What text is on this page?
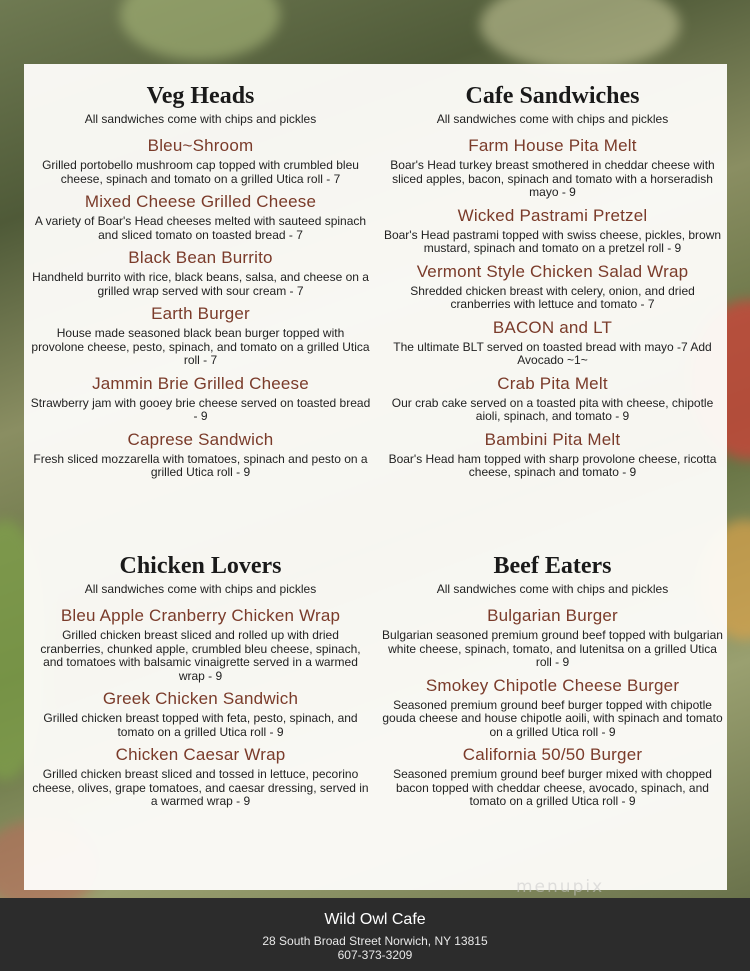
Veg Heads

All sandwiches come with chips and pickles

Bleu~Shroom

Grilled portobello mushroom cap topped with crumbled bleu cheese, spinach and tomato on a grilled Utica roll - 7

Mixed Cheese Grilled Cheese

A variety of Boar's Head cheeses melted with sauteed spinach and sliced tomato on toasted bread - 7

Black Bean Burrito

Handheld burrito with rice, black beans, salsa, and cheese on a grilled wrap served with sour cream - 7

Earth Burger

House made seasoned black bean burger topped with provolone cheese, pesto, spinach, and tomato on a grilled Utica roll - 7

Jammin Brie Grilled Cheese

Strawberry jam with gooey brie cheese served on toasted bread - 9

Caprese Sandwich

Fresh sliced mozzarella with tomatoes, spinach and pesto on a grilled Utica roll - 9

Chicken Lovers

All sandwiches come with chips and pickles

Bleu Apple Cranberry Chicken Wrap

Grilled chicken breast sliced and rolled up with dried cranberries, chunked apple, crumbled bleu cheese, spinach, and tomatoes with balsamic vinaigrette served in a warmed wrap - 9

Greek Chicken Sandwich

Grilled chicken breast topped with feta, pesto, spinach, and tomato on a grilled Utica roll - 9

Chicken Caesar Wrap

Grilled chicken breast sliced and tossed in lettuce, pecorino cheese, olives, grape tomatoes, and caesar dressing, served in a warmed wrap - 9

Cafe Sandwiches

All sandwiches come with chips and pickles

Farm House Pita Melt

Boar's Head turkey breast smothered in cheddar cheese with sliced apples, bacon, spinach and tomato with a horseradish mayo - 9

Wicked Pastrami Pretzel

Boar's Head pastrami topped with swiss cheese, pickles, brown mustard, spinach and tomato on a pretzel roll - 9

Vermont Style Chicken Salad Wrap

Shredded chicken breast with celery, onion, and dried cranberries with lettuce and tomato - 7

BACON and LT

The ultimate BLT served on toasted bread with mayo -7 Add Avocado ~1~

Crab Pita Melt

Our crab cake served on a toasted pita with cheese, chipotle aioli, spinach, and tomato - 9

Bambini Pita Melt

Boar's Head ham topped with sharp provolone cheese, ricotta cheese, spinach and tomato - 9

Beef Eaters

All sandwiches come with chips and pickles

Bulgarian Burger

Bulgarian seasoned premium ground beef topped with bulgarian white cheese, spinach, tomato, and lutenitsa on a grilled Utica roll - 9

Smokey Chipotle Cheese Burger

Seasoned premium ground beef burger topped with chipotle gouda cheese and house chipotle aoili, with spinach and tomato on a grilled Utica roll - 9

California 50/50 Burger

Seasoned premium ground beef burger mixed with chopped bacon topped with cheddar cheese, avocado, spinach, and tomato on a grilled Utica roll - 9

menupix
Wild Owl Cafe
28 South Broad Street Norwich, NY 13815
607-373-3209
